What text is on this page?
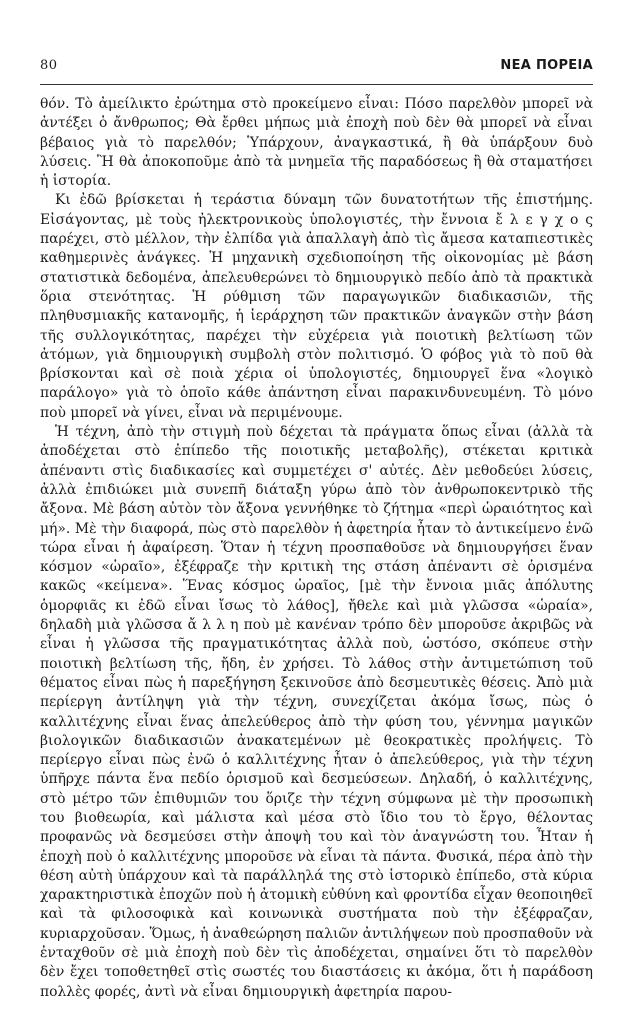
80	ΝΕΑ ΠΟΡΕΙΑ

θόν. Τὸ ἀμείλικτο ἐρώτημα στὸ προκείμενο εἶναι: Πόσο παρελθὸν μπορεῖ νὰ ἀντέξει ὁ ἄνθρωπος; Θὰ ἔρθει μήπως μιὰ ἐποχὴ ποὺ δὲν θὰ μπορεῖ νὰ εἶναι βέβαιος γιὰ τὸ παρελθόν; Ὑπάρχουν, ἀναγκαστικά, ἢ θὰ ὑπάρξουν δυὸ λύσεις. Ἢ θὰ ἀποκοποῦμε ἀπὸ τὰ μνημεῖα τῆς παραδόσεως ἢ θὰ σταματήσει ἡ ἱστορία.

Κι ἐδῶ βρίσκεται ἡ τεράστια δύναμη τῶν δυνατοτήτων τῆς ἐπιστήμης. Εἰσάγοντας, μὲ τοὺς ἠλεκτρονικοὺς ὑπολογιστές, τὴν ἔννοια ἔ λ ε γ χ ο ς παρέχει, στὸ μέλλον, τὴν ἐλπίδα γιὰ ἀπαλλαγὴ ἀπὸ τὶς ἄμεσα καταπιεστικὲς καθημερινὲς ἀνάγκες. Ἡ μηχανικὴ σχεδιοποίηση τῆς οἰκονομίας μὲ βάση στατιστικὰ δεδομένα, ἀπελευθερώνει τὸ δημιουργικὸ πεδίο ἀπὸ τὰ πρακτικὰ ὅρια στενότητας. Ἡ ρύθμιση τῶν παραγωγικῶν διαδικασιῶν, τῆς πληθυσμιακῆς κατανομῆς, ἡ ἱεράρχηση τῶν πρακτικῶν ἀναγκῶν στὴν βάση τῆς συλλογικότητας, παρέχει τὴν εὐχέρεια γιὰ ποιοτικὴ βελτίωση τῶν ἀτόμων, γιὰ δημιουργικὴ συμβολὴ στὸν πολιτισμό. Ὁ φόβος γιὰ τὸ ποῦ θὰ βρίσκονται καὶ σὲ ποιὰ χέρια οἱ ὑπολογιστές, δημιουργεῖ ἕνα «λογικὸ παράλογο» γιὰ τὸ ὁποῖο κάθε ἀπάντηση εἶναι παρακινδυνευμένη. Τὸ μόνο ποὺ μπορεῖ νὰ γίνει, εἶναι νὰ περιμένουμε.

Ἡ τέχνη, ἀπὸ τὴν στιγμὴ ποὺ δέχεται τὰ πράγματα ὅπως εἶναι (ἀλλὰ τὰ ἀποδέχεται στὸ ἐπίπεδο τῆς ποιοτικῆς μεταβολῆς), στέκεται κριτικὰ ἀπέναντι στὶς διαδικασίες καὶ συμμετέχει σ' αὐτές. Δὲν μεθοδεύει λύσεις, ἀλλὰ ἐπιδιώκει μιὰ συνεπῆ διάταξη γύρω ἀπὸ τὸν ἀνθρωποκεντρικὸ τῆς ἄξονα. Μὲ βάση αὐτὸν τὸν ἄξονα γεννήθηκε τὸ ζήτημα «περὶ ὡραιότητος καὶ μή». Μὲ τὴν διαφορά, πὼς στὸ παρελθὸν ἡ ἀφετηρία ἦταν τὸ ἀντικείμενο ἐνῶ τώρα εἶναι ἡ ἀφαίρεση. Ὅταν ἡ τέχνη προσπαθοῦσε νὰ δημιουργήσει ἕναν κόσμον «ὡραῖο», ἐξέφραζε τὴν κριτικὴ της στάση ἀπέναντι σὲ ὁρισμένα κακῶς «κείμενα». Ἕνας κόσμος ὡραῖος, [μὲ τὴν ἔννοια μιᾶς ἀπόλυτης ὁμορφιᾶς κι ἐδῶ εἶναι ἴσως τὸ λάθος], ἤθελε καὶ μιὰ γλῶσσα «ὡραία», δηλαδὴ μιὰ γλῶσσα ἄ λ λ η ποὺ μὲ κανέναν τρόπο δὲν μποροῦσε ἀκριβῶς νὰ εἶναι ἡ γλῶσσα τῆς πραγματικότητας ἀλλὰ ποὺ, ὡστόσο, σκόπευε στὴν ποιοτικὴ βελτίωση τῆς, ἤδη, ἐν χρήσει. Τὸ λάθος στὴν ἀντιμετώπιση τοῦ θέματος εἶναι πὼς ἡ παρεξήγηση ξεκινοῦσε ἀπὸ δεσμευτικὲς θέσεις. Ἀπὸ μιὰ περίεργη ἀντίληψη γιὰ τὴν τέχνη, συνεχίζεται ἀκόμα ἴσως, πὼς ὁ καλλιτέχνης εἶναι ἕνας ἀπελεύθερος ἀπὸ τὴν φύση του, γέννημα μαγικῶν βιολογικῶν διαδικασιῶν ἀνακατεμένων μὲ θεοκρατικὲς προλήψεις. Τὸ περίεργο εἶναι πὼς ἐνῶ ὁ καλλιτέχνης ἦταν ὁ ἀπελεύθερος, γιὰ τὴν τέχνη ὑπῆρχε πάντα ἕνα πεδίο ὁρισμοῦ καὶ δεσμεύσεων. Δηλαδή, ὁ καλλιτέχνης, στὸ μέτρο τῶν ἐπιθυμιῶν του ὅριζε τὴν τέχνη σύμφωνα μὲ τὴν προσωπικὴ του βιοθεωρία, καὶ μάλιστα καὶ μέσα στὸ ἴδιο του τὸ ἔργο, θέλοντας προφανῶς νὰ δεσμεύσει στὴν ἀποψὴ του καὶ τὸν ἀναγνώστη του. Ἦταν ἡ ἐποχὴ ποὺ ὁ καλλιτέχνης μποροῦσε νὰ εἶναι τὰ πάντα. Φυσικά, πέρα ἀπὸ τὴν θέση αὐτὴ ὑπάρχουν καὶ τὰ παράλληλά της στὸ ἱστορικὸ ἐπίπεδο, στὰ κύρια χαρακτηριστικὰ ἐποχῶν ποὺ ἡ ἀτομικὴ εὐθύνη καὶ φροντίδα εἶχαν θεοποιηθεῖ καὶ τὰ φιλοσοφικὰ καὶ κοινωνικὰ συστήματα ποὺ τὴν ἐξέφραζαν, κυριαρχοῦσαν. Ὅμως, ἡ ἀναθεώρηση παλιῶν ἀντιλήψεων ποὺ προσπαθοῦν νὰ ἐνταχθοῦν σὲ μιὰ ἐποχὴ ποὺ δὲν τὶς ἀποδέχεται, σημαίνει ὅτι τὸ παρελθὸν δὲν ἔχει τοποθετηθεῖ στὶς σωστές του διαστάσεις κι ἀκόμα, ὅτι ἡ παράδοση πολλὲς φορές, ἀντὶ νὰ εἶναι δημιουργικὴ ἀφετηρία παρου-
